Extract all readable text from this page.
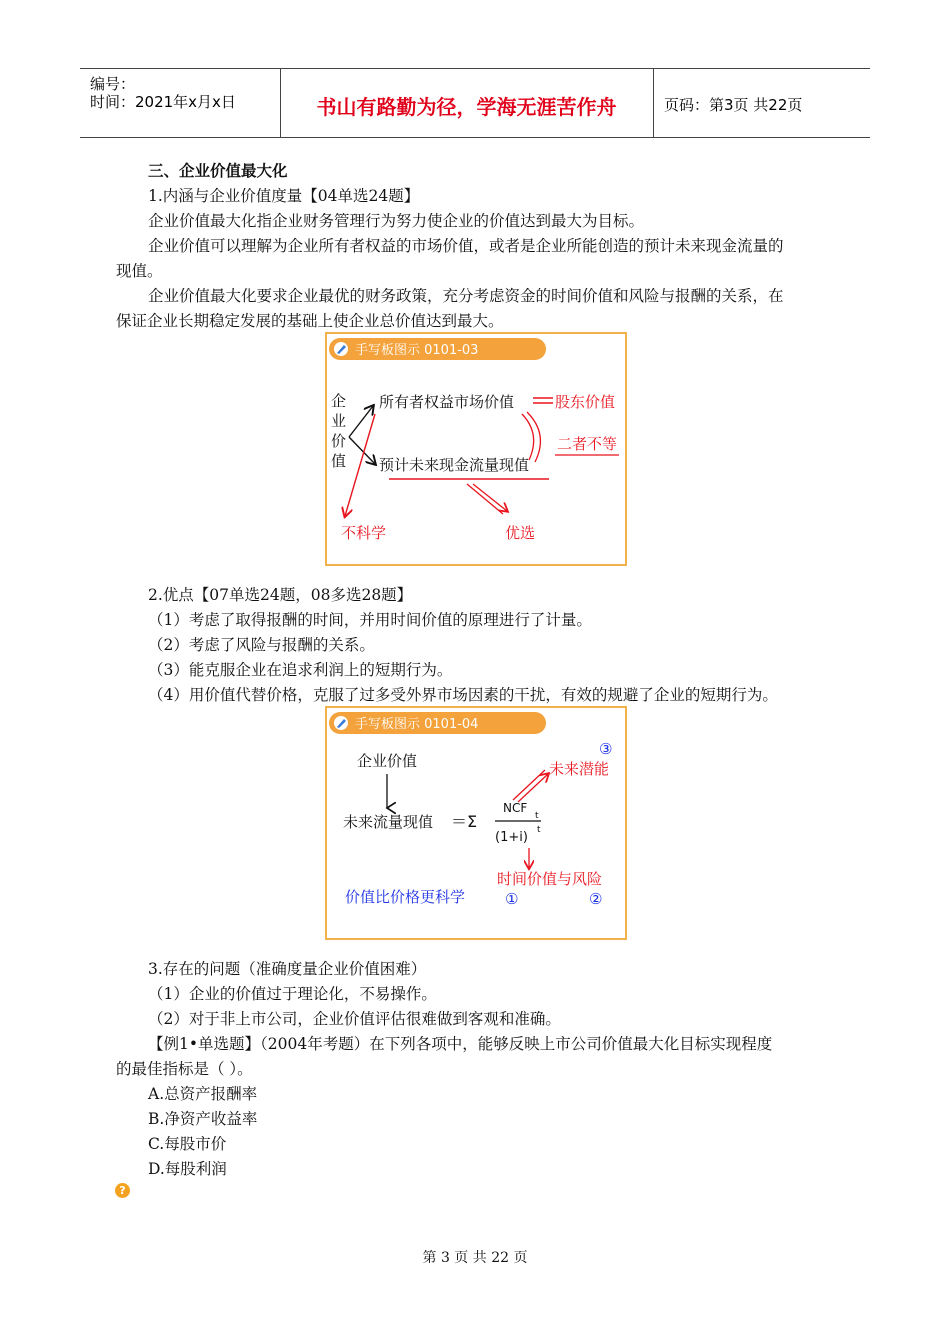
编号：
时间：2021年x月x日	书山有路勤为径，学海无涯苦作舟	页码：第3页 共22页
三、企业价值最大化
1.内涵与企业价值度量【04单选24题】
企业价值最大化指企业财务管理行为努力使企业的价值达到最大为目标。
企业价值可以理解为企业所有者权益的市场价值，或者是企业所能创造的预计未来现金流量的
现值。
企业价值最大化要求企业最优的财务政策，充分考虑资金的时间价值和风险与报酬的关系，在
保证企业长期稳定发展的基础上使企业总价值达到最大。
手写板图示 0101-03
企
业
价
值
所有者权益市场价值
预计未来现金流量现值
股东价值
二者不等
不科学	优选
2.优点【07单选24题，08多选28题】
（1）考虑了取得报酬的时间，并用时间价值的原理进行了计量。
（2）考虑了风险与报酬的关系。
（3）能克服企业在追求利润上的短期行为。
（4）用价值代替价格，克服了过多受外界市场因素的干扰，有效的规避了企业的短期行为。
手写板图示 0101-04
企业价值
未来流量现值 ＝Σ
NCF
t
(1+i) t
③
未来潜能
时间价值与风险
价值比价格更科学	①	②
3.存在的问题（准确度量企业价值困难）
（1）企业的价值过于理论化，不易操作。
（2）对于非上市公司，企业价值评估很难做到客观和准确。
【例1•单选题】（2004年考题）在下列各项中，能够反映上市公司价值最大化目标实现程度
的最佳指标是（ ）。
A.总资产报酬率
B.净资产收益率
C.每股市价
D.每股利润
?
第 3 页 共 22 页
